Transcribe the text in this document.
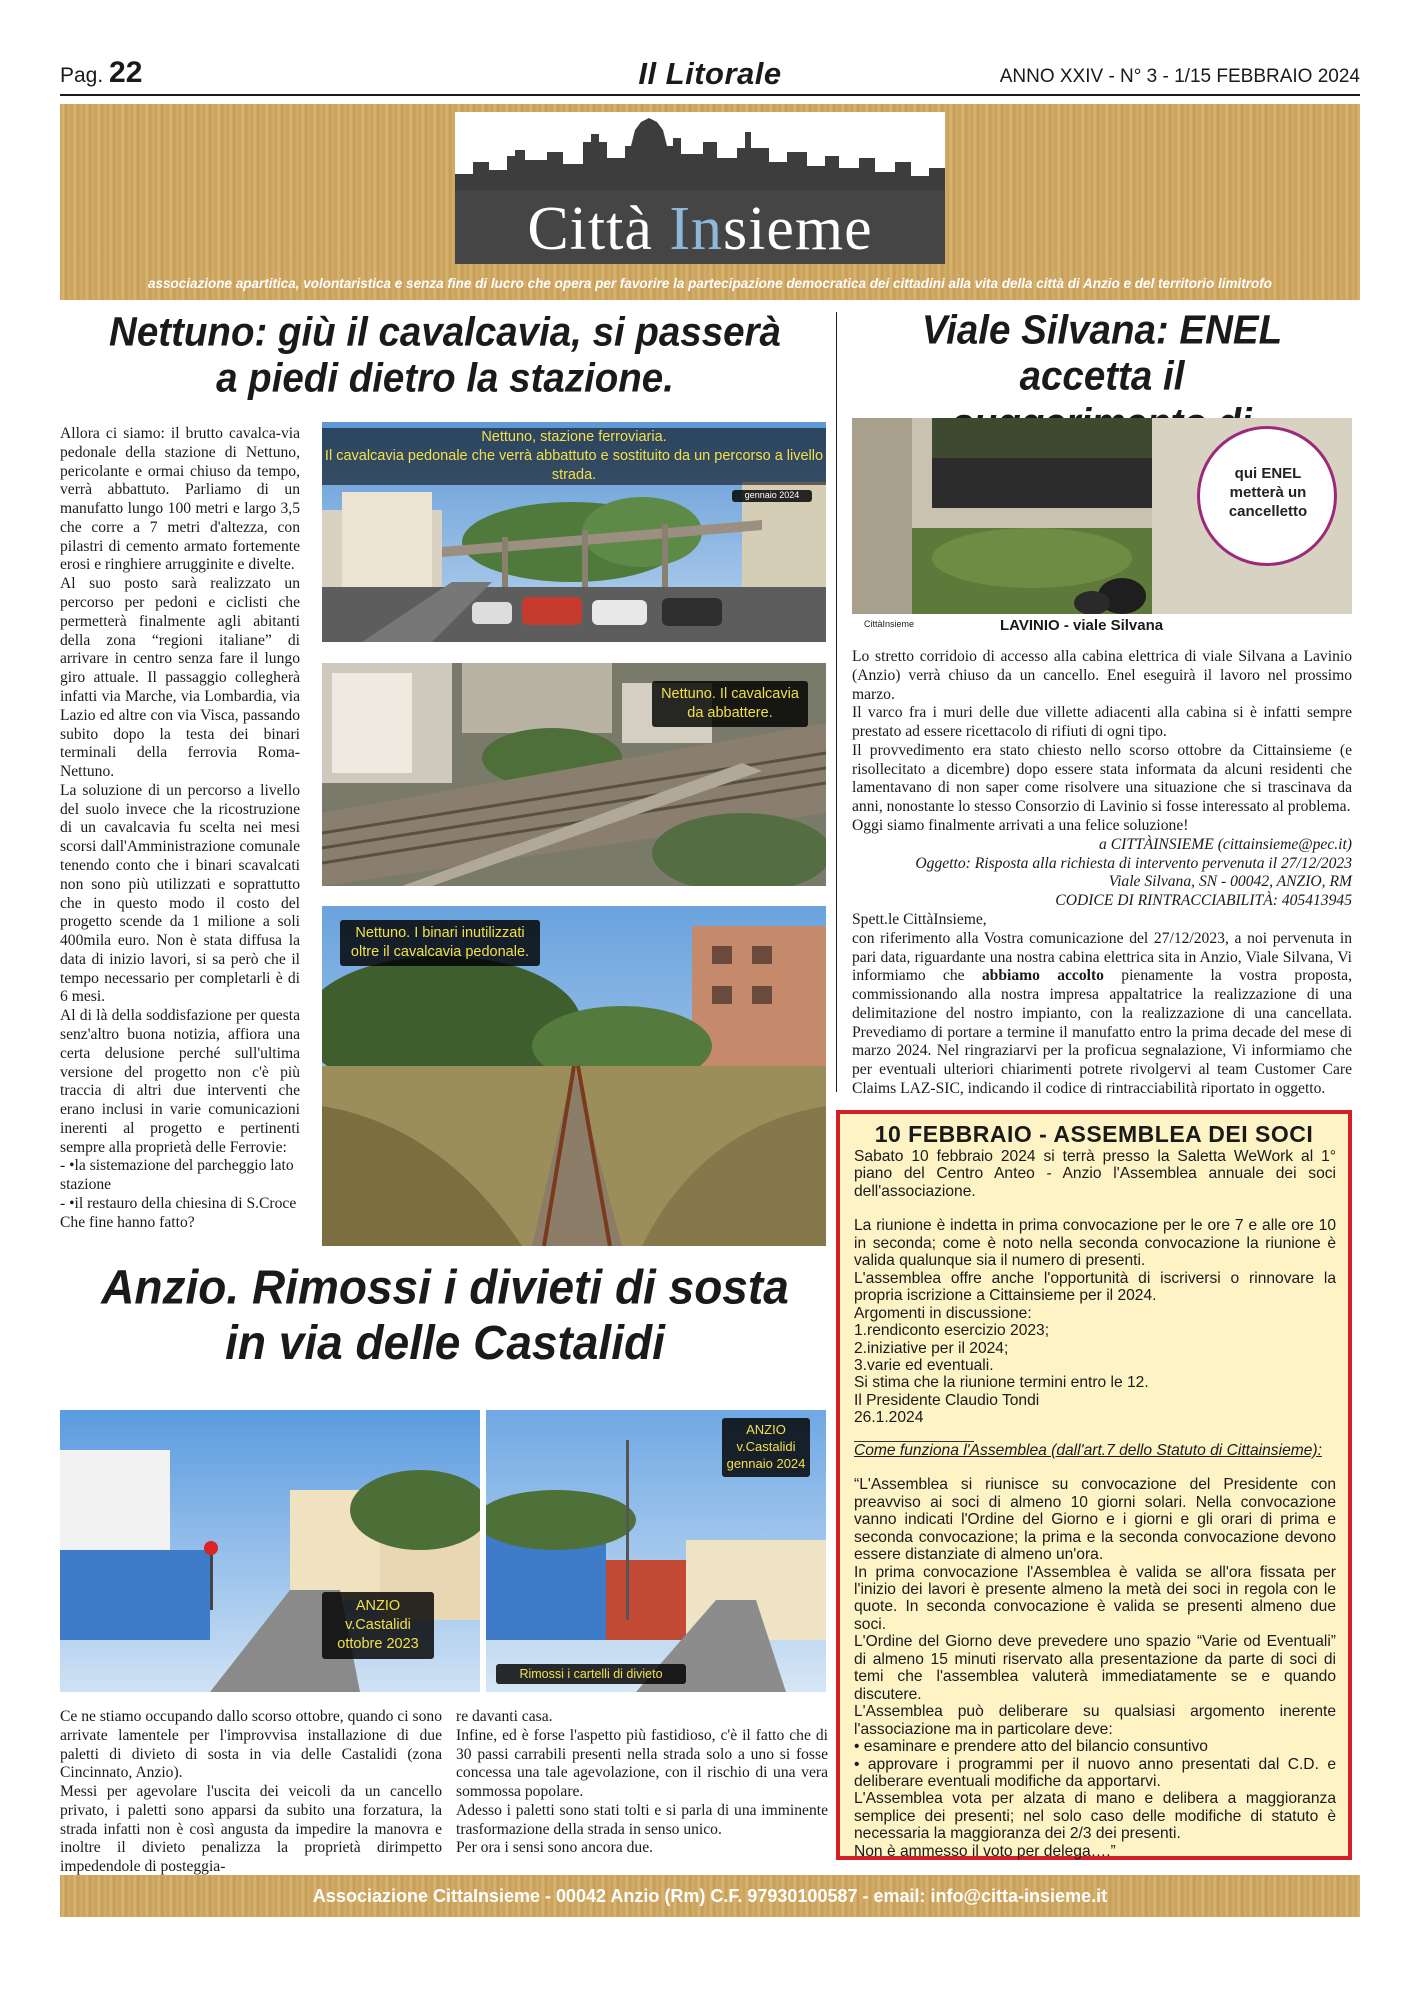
Pag. 22	Il Litorale	ANNO XXIV - N° 3 - 1/15 FEBBRAIO 2024
Città Insieme
associazione apartitica, volontaristica e senza fine di lucro che opera per favorire la partecipazione democratica dei cittadini alla vita della città di Anzio e del territorio limitrofo
Nettuno: giù il cavalcavia, si passerà
a piedi dietro la stazione.
Viale Silvana: ENEL accetta il

Allora ci siamo: il brutto cavalca-via pedonale della stazione di Nettuno, pericolante e ormai chiuso da tempo, verrà abbattuto. Parliamo di un manufatto lungo 100 metri e largo 3,5 che corre a 7 metri d'altezza, con pilastri di cemento armato fortemente erosi e ringhiere arrugginite e divelte.

Al suo posto sarà realizzato un percorso per pedoni e ciclisti che permetterà finalmente agli abitanti della zona “regioni italiane” di arrivare in centro senza fare il lungo giro attuale. Il passaggio collegherà infatti via Marche, via Lombardia, via Lazio ed altre con via Visca, passando subito dopo la testa dei binari terminali della ferrovia Roma-Nettuno.

La soluzione di un percorso a livello del suolo invece che la ricostruzione di un cavalcavia fu scelta nei mesi scorsi dall'Amministrazione comunale tenendo conto che i binari scavalcati non sono più utilizzati e soprattutto che in questo modo il costo del progetto scende da 1 milione a soli 400mila euro. Non è stata diffusa la data di inizio lavori, si sa però che il tempo necessario per completarli è di 6 mesi.

Al di là della soddisfazione per questa senz'altro buona notizia, affiora una certa delusione perché sull'ultima versione del progetto non c'è più traccia di altri due interventi che erano inclusi in varie comunicazioni inerenti al progetto e pertinenti sempre alla proprietà delle Ferrovie:

- •la sistemazione del parcheggio lato stazione

- •il restauro della chiesina di S.Croce

Che fine hanno fatto?

Nettuno, stazione ferroviaria.
Il cavalcavia pedonale che verrà abbattuto e sostituito da un percorso a livello strada.
gennaio 2024
Nettuno. Il cavalcavia da abbattere.
Nettuno. I binari inutilizzati oltre il cavalcavia pedonale.
qui ENEL metterà un cancelletto
CittàInsieme	LAVINIO - viale Silvana

Lo stretto corridoio di accesso alla cabina elettrica di viale Silvana a Lavinio (Anzio) verrà chiuso da un cancello. Enel eseguirà il lavoro nel prossimo marzo.

Il varco fra i muri delle due villette adiacenti alla cabina si è infatti sempre prestato ad essere ricettacolo di rifiuti di ogni tipo.

Il provvedimento era stato chiesto nello scorso ottobre da Cittainsieme (e risollecitato a dicembre) dopo essere stata informata da alcuni residenti che lamentavano di non saper come risolvere una situazione che si trascinava da anni, nonostante lo stesso Consorzio di Lavinio si fosse interessato al problema.

Oggi siamo finalmente arrivati a una felice soluzione!

a CITTÀINSIEME (cittainsieme@pec.it)

Oggetto: Risposta alla richiesta di intervento pervenuta il 27/12/2023

Viale Silvana, SN - 00042, ANZIO, RM

CODICE DI RINTRACCIABILITÀ: 405413945

Spett.le CittàInsieme,

con riferimento alla Vostra comunicazione del 27/12/2023, a noi pervenuta in pari data, riguardante una nostra cabina elettrica sita in Anzio, Viale Silvana, Vi informiamo che abbiamo accolto pienamente la vostra proposta, commissionando alla nostra impresa appaltatrice la realizzazione di una delimitazione del nostro impianto, con la realizzazione di una cancellata. Prevediamo di portare a termine il manufatto entro la prima decade del mese di marzo 2024. Nel ringraziarvi per la proficua segnalazione, Vi informiamo che per eventuali ulteriori chiarimenti potrete rivolgervi al team Customer Care Claims LAZ-SIC, indicando il codice di rintracciabilità riportato in oggetto.

Anzio. Rimossi i divieti di sosta
in via delle Castalidi
ANZIO v.Castalidi ottobre 2023
ANZIO v.Castalidi gennaio 2024
Rimossi i cartelli di divieto

Ce ne stiamo occupando dallo scorso ottobre, quando ci sono arrivate lamentele per l'improvvisa installazione di due paletti di divieto di sosta in via delle Castalidi (zona Cincinnato, Anzio).

Messi per agevolare l'uscita dei veicoli da un cancello privato, i paletti sono apparsi da subito una forzatura, la strada infatti non è così angusta da impedire la manovra e inoltre il divieto penalizza la proprietà dirimpetto impedendole di posteggia-

re davanti casa.

Infine, ed è forse l'aspetto più fastidioso, c'è il fatto che di 30 passi carrabili presenti nella strada solo a uno si fosse concessa una tale agevolazione, con il rischio di una vera sommossa popolare.

Adesso i paletti sono stati tolti e si parla di una imminente trasformazione della strada in senso unico.

Per ora i sensi sono ancora due.

10 FEBBRAIO - ASSEMBLEA DEI SOCI

Sabato 10 febbraio 2024 si terrà presso la Saletta WeWork al 1° piano del Centro Anteo - Anzio l'Assemblea annuale dei soci dell'associazione.

La riunione è indetta in prima convocazione per le ore 7 e alle ore 10 in seconda; come è noto nella seconda convocazione la riunione è valida qualunque sia il numero di presenti.

L'assemblea offre anche l'opportunità di iscriversi o rinnovare la propria iscrizione a Cittainsieme per il 2024.

Argomenti in discussione:

1.rendiconto esercizio 2023;

2.iniziative per il 2024;

3.varie ed eventuali.

Si stima che la riunione termini entro le 12.

Il Presidente Claudio Tondi

26.1.2024

Come funziona l'Assemblea (dall'art.7 dello Statuto di Cittainsieme):

“L'Assemblea si riunisce su convocazione del Presidente con preavviso ai soci di almeno 10 giorni solari. Nella convocazione vanno indicati l'Ordine del Giorno e i giorni e gli orari di prima e seconda convocazione; la prima e la seconda convocazione devono essere distanziate di almeno un'ora.

In prima convocazione l'Assemblea è valida se all'ora fissata per l'inizio dei lavori è presente almeno la metà dei soci in regola con le quote. In seconda convocazione è valida se presenti almeno due soci.

L'Ordine del Giorno deve prevedere uno spazio “Varie od Eventuali” di almeno 15 minuti riservato alla presentazione da parte di soci di temi che l'assemblea valuterà immediatamente se e quando discutere.

L'Assemblea può deliberare su qualsiasi argomento inerente l'associazione ma in particolare deve:

• esaminare e prendere atto del bilancio consuntivo

• approvare i programmi per il nuovo anno presentati dal C.D. e deliberare eventuali modifiche da apportarvi.

L'Assemblea vota per alzata di mano e delibera a maggioranza semplice dei presenti; nel solo caso delle modifiche di statuto è necessaria la maggioranza dei 2/3 dei presenti.

Non è ammesso il voto per delega….”

Associazione CittaInsieme - 00042 Anzio (Rm) C.F. 97930100587 - email: info@citta-insieme.it
